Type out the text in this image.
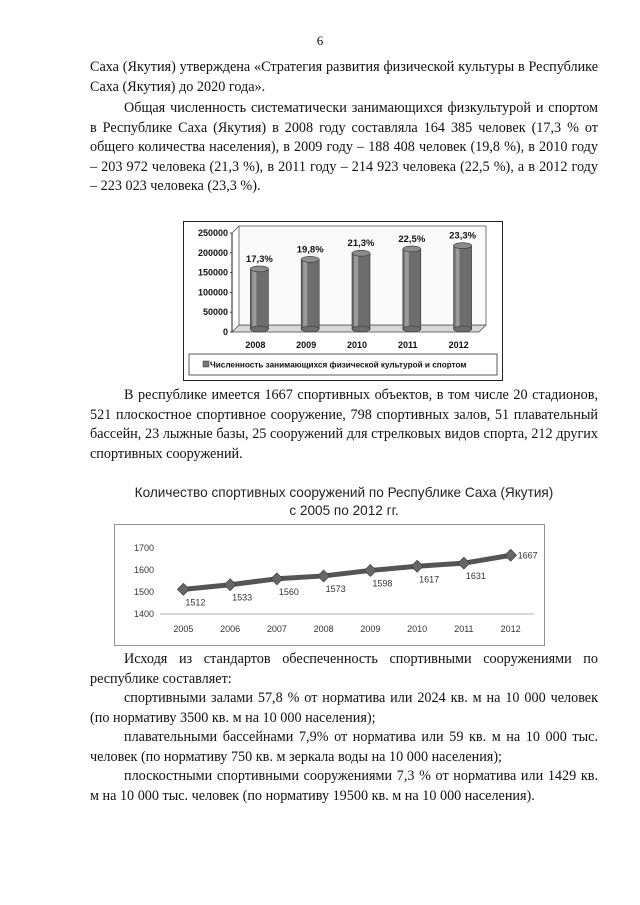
6

Саха (Якутия) утверждена «Стратегия развития физической культуры в Республике Саха (Якутия) до 2020 года».

Общая численность систематически занимающихся физкультурой и спортом в Республике Саха (Якутия) в 2008 году составляла 164 385 человек (17,3 % от общего количества населения), в 2009 году – 188 408 человек (19,8 %), в 2010 году – 203 972 человека (21,3 %), в 2011 году – 214 923 человека (22,5 %), а в 2012 году – 223 023 человека (23,3 %).

0
50000
100000
150000
200000
250000
17,3%
19,8%
21,3%	22,5%	23,3%
2008	2009	2010	2011	2012
Численность занимающихся физической культурой и спортом

В республике имеется 1667 спортивных объектов, в том числе 20 стадионов, 521 плоскостное спортивное сооружение, 798 спортивных залов, 51 плавательный бассейн, 23 лыжные базы, 25 сооружений для стрелковых видов спорта, 212 других спортивных сооружений.

Количество спортивных сооружений по Республике Саха (Якутия)
с 2005 по 2012 гг.
1400
1500
1600
1700
1512	1533
1560	1573
1598	1617	1631
1667
2005	2006	2007	2008	2009	2010	2011	2012

Исходя из стандартов обеспеченность спортивными сооружениями по республике составляет:

спортивными залами 57,8 % от норматива или 2024 кв. м на 10 000 человек (по нормативу 3500 кв. м на 10 000 населения);

плавательными бассейнами 7,9% от норматива или 59 кв. м на 10 000 тыс. человек (по нормативу 750 кв. м зеркала воды на 10 000 населения);

плоскостными спортивными сооружениями 7,3 % от норматива или 1429 кв. м на 10 000 тыс. человек (по нормативу 19500 кв. м на 10 000 населения).
